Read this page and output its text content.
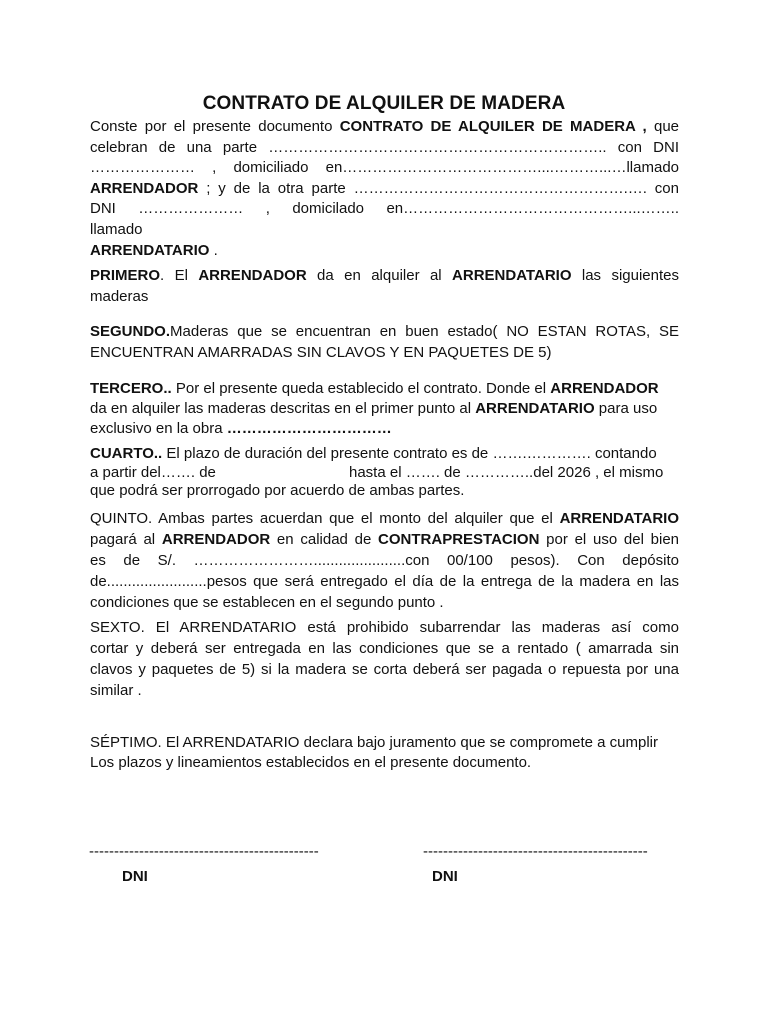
CONTRATO DE ALQUILER DE MADERA
Conste por el presente documento CONTRATO DE ALQUILER DE MADERA , que
celebran de una parte ………………………………………………………….. con DNI
………………… , domiciliado en…………………………………....………...…llamado
ARRENDADOR ; y de la otra parte ……………………………………………….…. con
DNI ………………… , domicilado en………………………………………...……..
llamado
ARRENDATARIO .
PRIMERO. El ARRENDADOR da en alquiler al ARRENDATARIO las siguientes
maderas
SEGUNDO.Maderas que se encuentran en buen estado( NO ESTAN ROTAS, SE
ENCUENTRAN AMARRADAS SIN CLAVOS Y EN PAQUETES DE 5)
TERCERO.. Por el presente queda establecido el contrato. Donde el ARRENDADOR
da en alquiler las maderas descritas en el primer punto al ARRENDATARIO para uso
exclusivo en la obra ……………………………
CUARTO.. El plazo de duración del presente contrato es de …….…………. contando
a partir del……. de	hasta el ……. de …………..del 2026 , el mismo
que podrá ser prorrogado por acuerdo de ambas partes.
QUINTO. Ambas partes acuerdan que el monto del alquiler que el ARRENDATARIO
pagará al ARRENDADOR en calidad de CONTRAPRESTACION por el uso del bien
es de S/. ……………………......................con 00/100 pesos). Con depósito
de........................pesos que será entregado el día de la entrega de la madera en las
condiciones que se establecen en el segundo punto .
SEXTO. El ARRENDATARIO está prohibido subarrendar las maderas así como
cortar y deberá ser entregada en las condiciones que se a rentado ( amarrada sin
clavos y paquetes de 5) si la madera se corta deberá ser pagada o repuesta por una
similar .
SÉPTIMO. El ARRENDATARIO declara bajo juramento que se compromete a cumplir
Los plazos y lineamientos establecidos en el presente documento.
----------------------------------------------	---------------------------------------------
DNI	DNI
